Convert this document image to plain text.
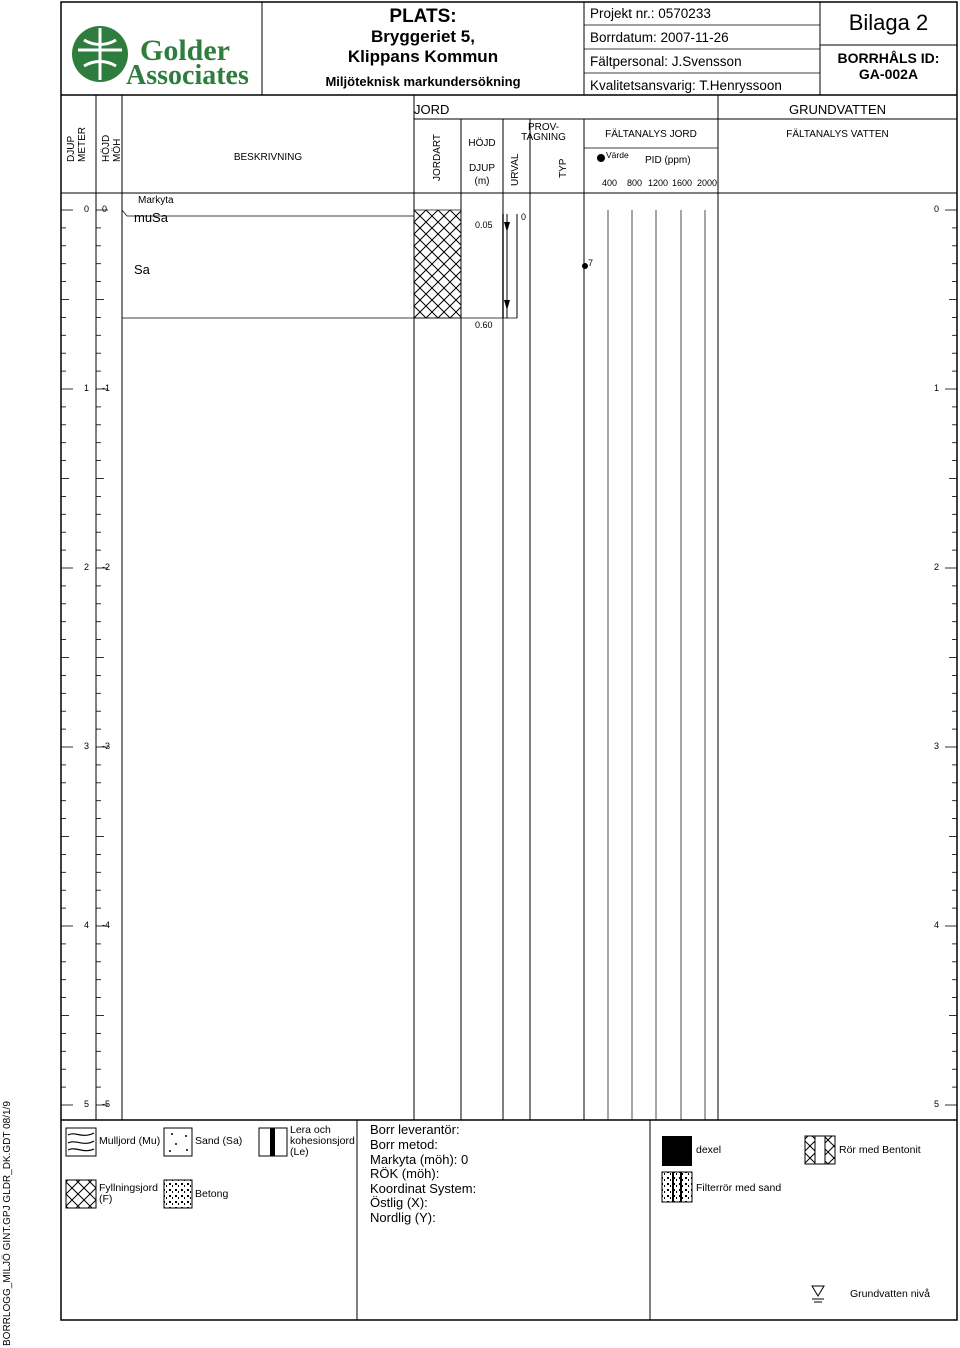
Golder
Associates
PLATS:
Bryggeriet 5,
Klippans Kommun
Miljöteknisk markundersökning
Projekt nr.: 0570233
Borrdatum: 2007-11-26
Fältpersonal: J.Svensson
Kvalitetsansvarig: T.Henryssoon
Bilaga 2
BORRHÅLS ID:
GA-002A
DJUP METER HÖJD MÖH	BESKRIVNING
JORD
JORDART	HÖJD
DJUP
(m)	URVAL
PROV-
TAGNING
TYP
FÄLTANALYS JORD
Värde PID (ppm)
400 800 1200 1600 2000
GRUNDVATTEN
FÄLTANALYS VATTEN
Markyta
muSa
Sa
0.05
0.60
0
7
0	0
1	1
2	2
3	3
4	4
5	5
0
-1
-2
-3
-4
-5
Mulljord (Mu)	Sand (Sa)
Lera och
kohesionsjord
(Le)
Fyllningsjord
(F)	Betong
Borr leverantör:
Borr metod:
Markyta (möh): 0
RÖK (möh):
Koordinat System:
Östlig (X):
Nordlig (Y):
dexel
Filterrör med sand
Rör med Bentonit
Grundvatten nivå
BORRLOGG_MILJÖ GINT.GPJ GLDR_DK.GDT 08/1/9
